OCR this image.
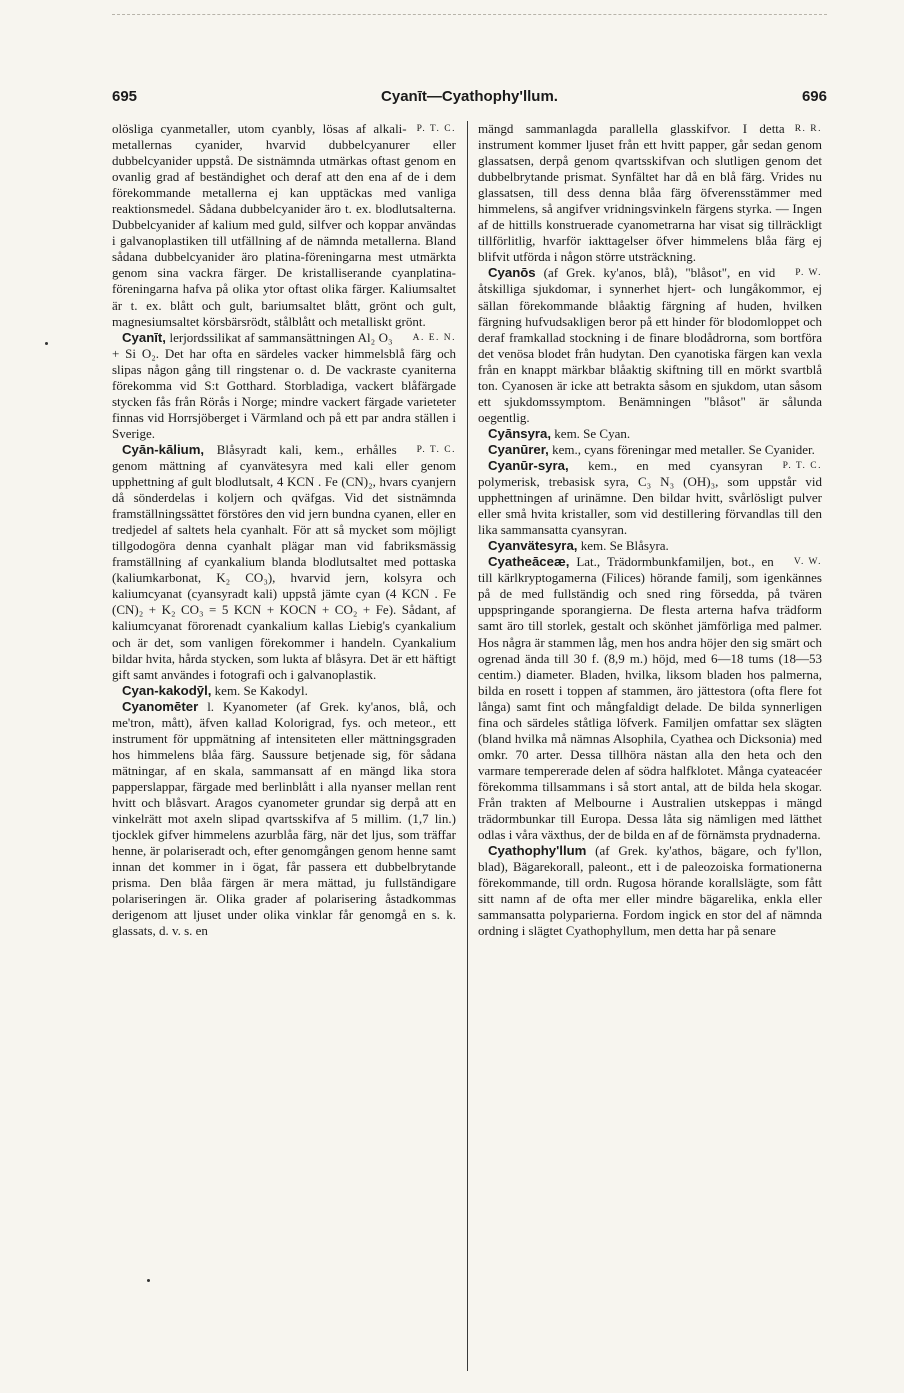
695	Cyanīt—Cyathophy'llum.	696

P. T. C.
olösliga cyanmetaller, utom cyanbly, lösas af alkali-metallernas cyanider, hvarvid dubbelcyanurer eller dubbelcyanider uppstå. De sistnämnda utmärkas oftast genom en ovanlig grad af beständighet och deraf att den ena af de i dem förekommande metallerna ej kan upptäckas med vanliga reaktionsmedel. Sådana dubbelcyanider äro t. ex. blodlutsalterna. Dubbelcyanider af kalium med guld, silfver och koppar användas i galvanoplastiken till utfällning af de nämnda metallerna. Bland sådana dubbelcyanider äro platina-föreningarna mest utmärkta genom sina vackra färger. De kristalliserande cyanplatina-föreningarna hafva på olika ytor oftast olika färger. Kaliumsaltet är t. ex. blått och gult, bariumsaltet blått, grönt och gult, magnesiumsaltet körsbärsrödt, stålblått och metalliskt grönt.

A. E. N.
Cyanīt, lerjordssilikat af sammansättningen Al₂ O₃ + Si O₂. Det har ofta en särdeles vacker himmelsblå färg och slipas någon gång till ringstenar o. d. De vackraste cyaniterna förekomma vid S:t Gotthard. Storbladiga, vackert blåfärgade stycken fås från Rörås i Norge; mindre vackert färgade varieteter finnas vid Horrsjöberget i Värmland och på ett par andra ställen i Sverige.

P. T. C.
Cyān-kālium, Blåsyradt kali, kem., erhålles genom mättning af cyanvätesyra med kali eller genom upphettning af gult blodlutsalt, 4 KCN . Fe (CN)₂, hvars cyanjern då sönderdelas i koljern och qväfgas. Vid det sistnämnda framställningssättet förstöres den vid jern bundna cyanen, eller en tredjedel af saltets hela cyanhalt. För att så mycket som möjligt tillgodogöra denna cyanhalt plägar man vid fabriksmässig framställning af cyankalium blanda blodlutsaltet med pottaska (kaliumkarbonat, K₂ CO₃), hvarvid jern, kolsyra och kaliumcyanat (cyansyradt kali) uppstå jämte cyan (4 KCN . Fe (CN)₂ + K₂ CO₃ = 5 KCN + KOCN + CO₂ + Fe). Sådant, af kaliumcyanat förorenadt cyankalium kallas Liebig's cyankalium och är det, som vanligen förekommer i handeln. Cyankalium bildar hvita, hårda stycken, som lukta af blåsyra. Det är ett häftigt gift samt användes i fotografi och i galvanoplastik.

Cyan-kakodȳl, kem. Se Kakodyl.

Cyanomēter l. Kyanometer (af Grek. ky'anos, blå, och me'tron, mått), äfven kallad Kolorigrad, fys. och meteor., ett instrument för uppmätning af intensiteten eller mättningsgraden hos himmelens blåa färg. Saussure betjenade sig, för sådana mätningar, af en skala, sammansatt af en mängd lika stora papperslappar, färgade med berlinblått i alla nyanser mellan rent hvitt och blåsvart. Aragos cyanometer grundar sig derpå att en vinkelrätt mot axeln slipad qvartsskifva af 5 millim. (1,7 lin.) tjocklek gifver himmelens azurblåa färg, när det ljus, som träffar henne, är polariseradt och, efter genomgången genom henne samt innan det kommer in i ögat, får passera ett dubbelbrytande prisma. Den blåa färgen är mera mättad, ju fullständigare polariseringen är. Olika grader af polarisering åstadkommas derigenom att ljuset under olika vinklar får genomgå en s. k. glassats, d. v. s. en

R. R.
mängd sammanlagda parallella glasskifvor. I detta instrument kommer ljuset från ett hvitt papper, går sedan genom glassatsen, derpå genom qvartsskifvan och slutligen genom det dubbelbrytande prismat. Synfältet har då en blå färg. Vrides nu glassatsen, till dess denna blåa färg öfverensstämmer med himmelens, så angifver vridningsvinkeln färgens styrka. — Ingen af de hittills konstruerade cyanometrarna har visat sig tillräckligt tillförlitlig, hvarför iakttagelser öfver himmelens blåa färg ej blifvit utförda i någon större utsträckning.

P. W.
Cyanōs (af Grek. ky'anos, blå), "blåsot", en vid åtskilliga sjukdomar, i synnerhet hjert- och lungåkommor, ej sällan förekommande blåaktig färgning af huden, hvilken färgning hufvudsakligen beror på ett hinder för blodomloppet och deraf framkallad stockning i de finare blodådrorna, som bortföra det venösa blodet från hudytan. Den cyanotiska färgen kan vexla från en knappt märkbar blåaktig skiftning till en mörkt svartblå ton. Cyanosen är icke att betrakta såsom en sjukdom, utan såsom ett sjukdomssymptom. Benämningen "blåsot" är sålunda oegentlig.

Cyānsyra, kem. Se Cyan.

Cyanūrer, kem., cyans föreningar med metaller. Se Cyanider.

P. T. C.
Cyanūr-syra, kem., en med cyansyran polymerisk, trebasisk syra, C₃ N₃ (OH)₃, som uppstår vid upphettningen af urinämne. Den bildar hvitt, svårlösligt pulver eller små hvita kristaller, som vid destillering förvandlas till den lika sammansatta cyansyran.

Cyanvätesyra, kem. Se Blåsyra.

V. W.
Cyatheāceæ, Lat., Trädormbunkfamiljen, bot., en till kärlkryptogamerna (Filices) hörande familj, som igenkännes på de med fullständig och sned ring försedda, på tvären uppspringande sporangierna. De flesta arterna hafva trädform samt äro till storlek, gestalt och skönhet jämförliga med palmer. Hos några är stammen låg, men hos andra höjer den sig smärt och ogrenad ända till 30 f. (8,9 m.) höjd, med 6—18 tums (18—53 centim.) diameter. Bladen, hvilka, liksom bladen hos palmerna, bilda en rosett i toppen af stammen, äro jättestora (ofta flere fot långa) samt fint och mångfaldigt delade. De bilda synnerligen fina och särdeles ståtliga löfverk. Familjen omfattar sex slägten (bland hvilka må nämnas Alsophila, Cyathea och Dicksonia) med omkr. 70 arter. Dessa tillhöra nästan alla den heta och den varmare tempererade delen af södra halfklotet. Många cyateacéer förekomma tillsammans i så stort antal, att de bilda hela skogar. Från trakten af Melbourne i Australien utskeppas i mängd trädormbunkar till Europa. Dessa låta sig nämligen med lätthet odlas i våra växthus, der de bilda en af de förnämsta prydnaderna.

Cyathophy'llum (af Grek. ky'athos, bägare, och fy'llon, blad), Bägarekorall, paleont., ett i de paleozoiska formationerna förekommande, till ordn. Rugosa hörande korallslägte, som fått sitt namn af de ofta mer eller mindre bägarelika, enkla eller sammansatta polyparierna. Fordom ingick en stor del af nämnda ordning i slägtet Cyathophyllum, men detta har på senare
